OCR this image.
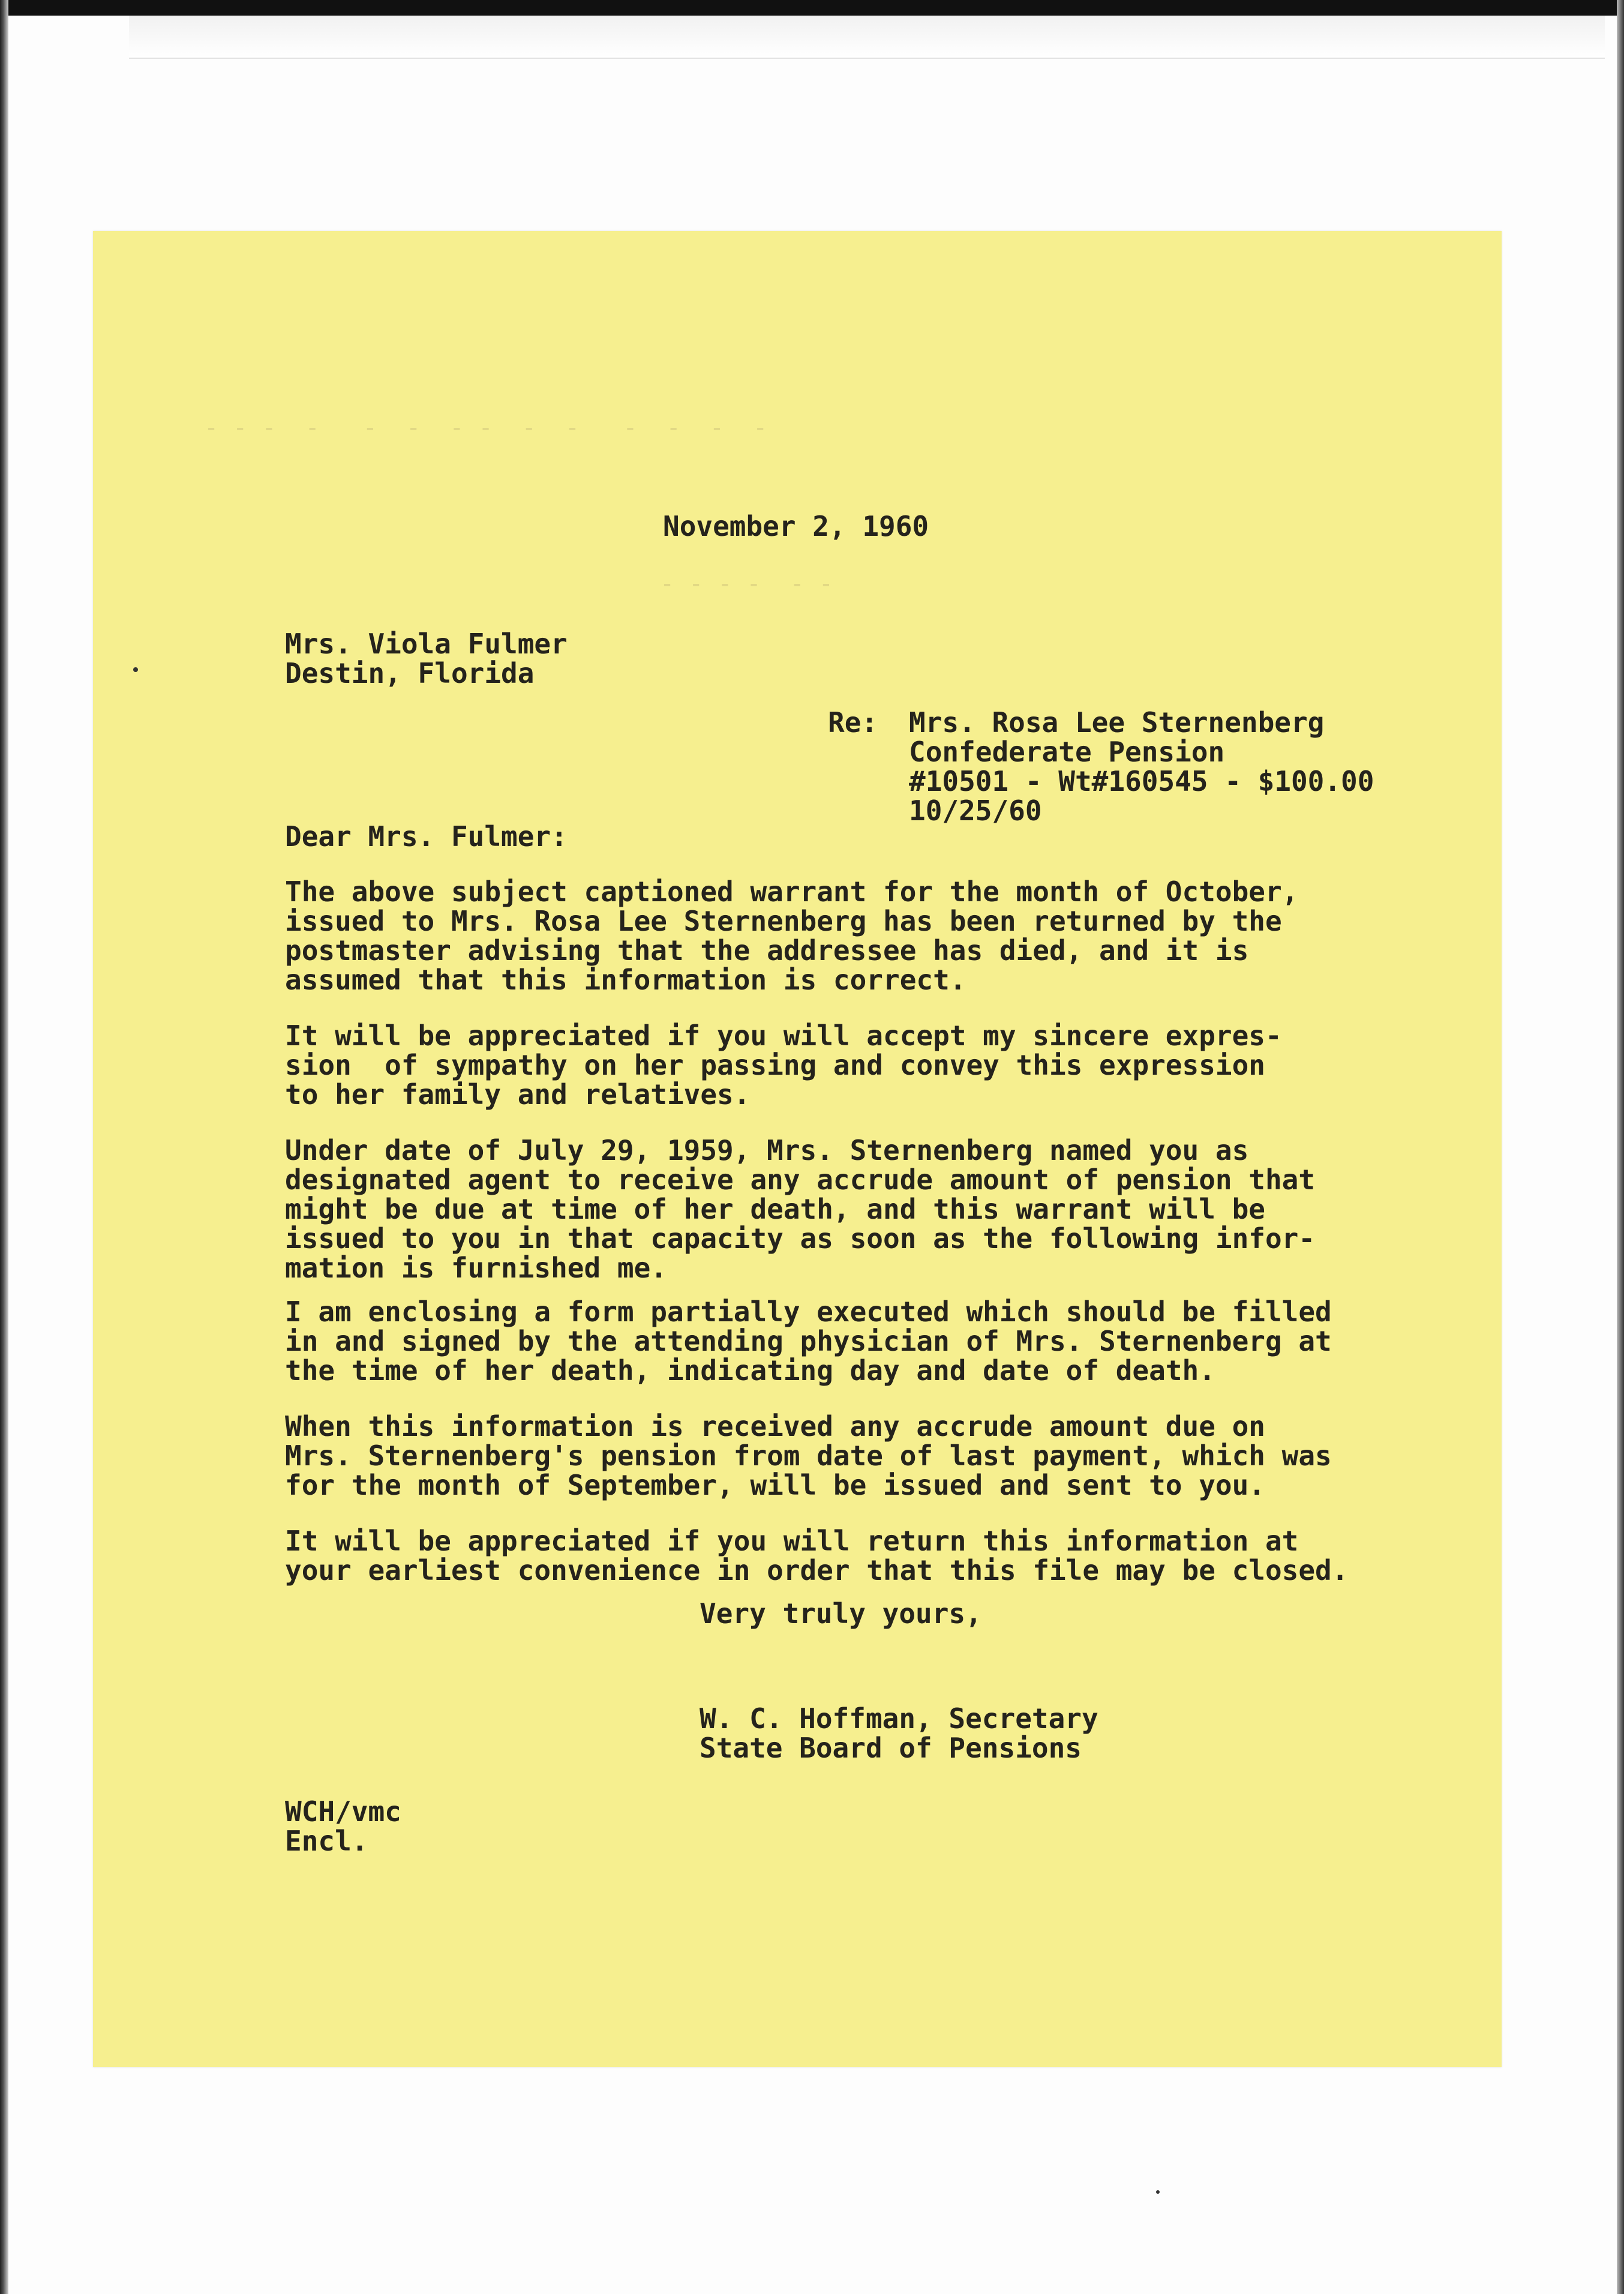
- - -  -   -  -  - -  -  -   -  -  -  -
- - - -  - -
November 2, 1960
Mrs. Viola Fulmer
Destin, Florida
Re: Mrs. Rosa Lee Sternenberg
Confederate Pension
#10501 - Wt#160545 - $100.00
10/25/60
Dear Mrs. Fulmer:
The above subject captioned warrant for the month of October,
issued to Mrs. Rosa Lee Sternenberg has been returned by the
postmaster advising that the addressee has died, and it is
assumed that this information is correct.
It will be appreciated if you will accept my sincere expres-
sion  of sympathy on her passing and convey this expression
to her family and relatives.
Under date of July 29, 1959, Mrs. Sternenberg named you as
designated agent to receive any accrude amount of pension that
might be due at time of her death, and this warrant will be
issued to you in that capacity as soon as the following infor-
mation is furnished me.
I am enclosing a form partially executed which should be filled
in and signed by the attending physician of Mrs. Sternenberg at
the time of her death, indicating day and date of death.
When this information is received any accrude amount due on
Mrs. Sternenberg's pension from date of last payment, which was
for the month of September, will be issued and sent to you.
It will be appreciated if you will return this information at
your earliest convenience in order that this file may be closed.
Very truly yours,
W. C. Hoffman, Secretary
State Board of Pensions
WCH/vmc
Encl.
